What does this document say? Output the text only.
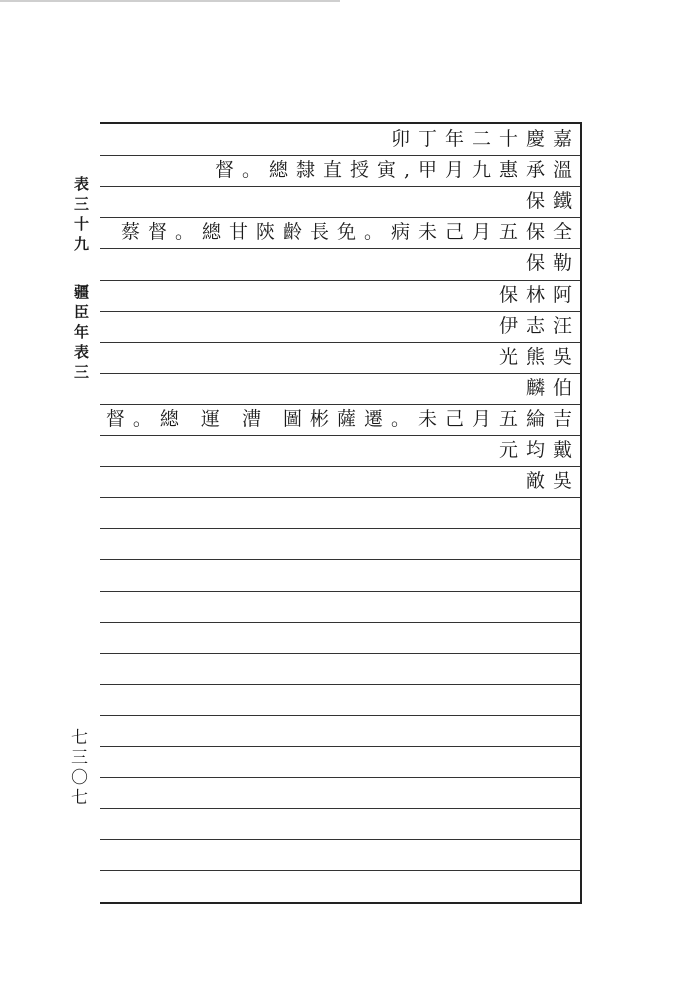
表三十九
疆臣年表三
七三〇七
卯丁年二十慶嘉
督。總隸直授寅,甲月九惠承溫
保鐵
蔡督。總甘陝齡長免。病未己月五保全
保勒
保林阿
伊志汪
光熊吳
麟伯
督。總 運 漕 圖彬薩遷。未己月五綸吉
元均戴
敵吳
